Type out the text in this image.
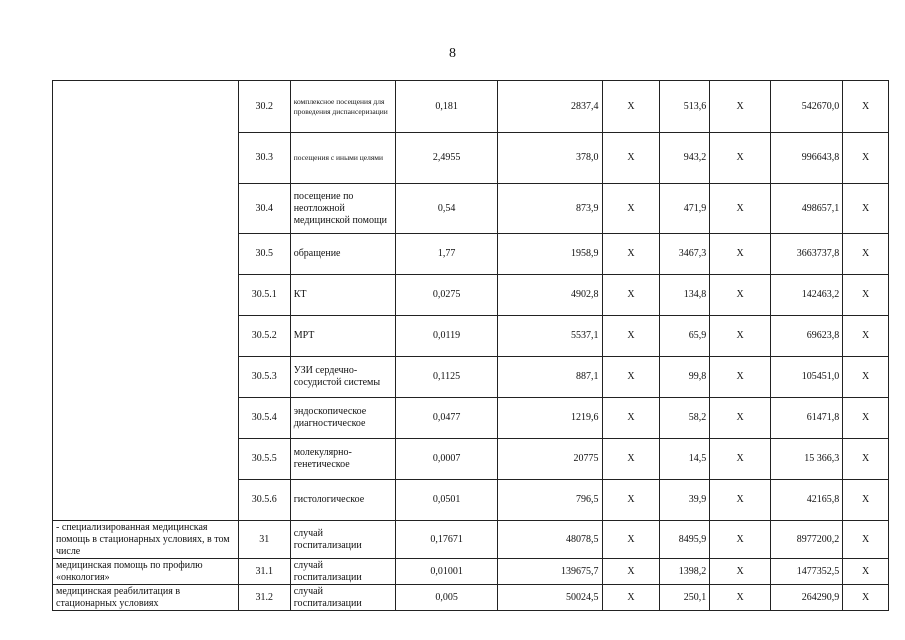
8
	30.2	комплексное посещения для проведения диспансеризации	0,181	2837,4	X	513,6	X	542670,0	X
	30.3	посещения с иными целями	2,4955	378,0	X	943,2	X	996643,8	X
	30.4	посещение по неотложной медицинской помощи	0,54	873,9	X	471,9	X	498657,1	X
	30.5	обращение	1,77	1958,9	X	3467,3	X	3663737,8	X
	30.5.1	КТ	0,0275	4902,8	X	134,8	X	142463,2	X
	30.5.2	МРТ	0,0119	5537,1	X	65,9	X	69623,8	X
	30.5.3	УЗИ сердечно-сосудистой системы	0,1125	887,1	X	99,8	X	105451,0	X
	30.5.4	эндоскопическое диагностическое	0,0477	1219,6	X	58,2	X	61471,8	X
	30.5.5	молекулярно-генетическое	0,0007	20775	X	14,5	X	15 366,3	X
	30.5.6	гистологическое	0,0501	796,5	X	39,9	X	42165,8	X
- специализированная медицинская помощь в стационарных условиях, в том числе	31	случай госпитализации	0,17671	48078,5	X	8495,9	X	8977200,2	X
медицинская помощь по профилю «онкология»	31.1	случай госпитализации	0,01001	139675,7	X	1398,2	X	1477352,5	X
медицинская реабилитация в стационарных условиях	31.2	случай госпитализации	0,005	50024,5	X	250,1	X	264290,9	X
